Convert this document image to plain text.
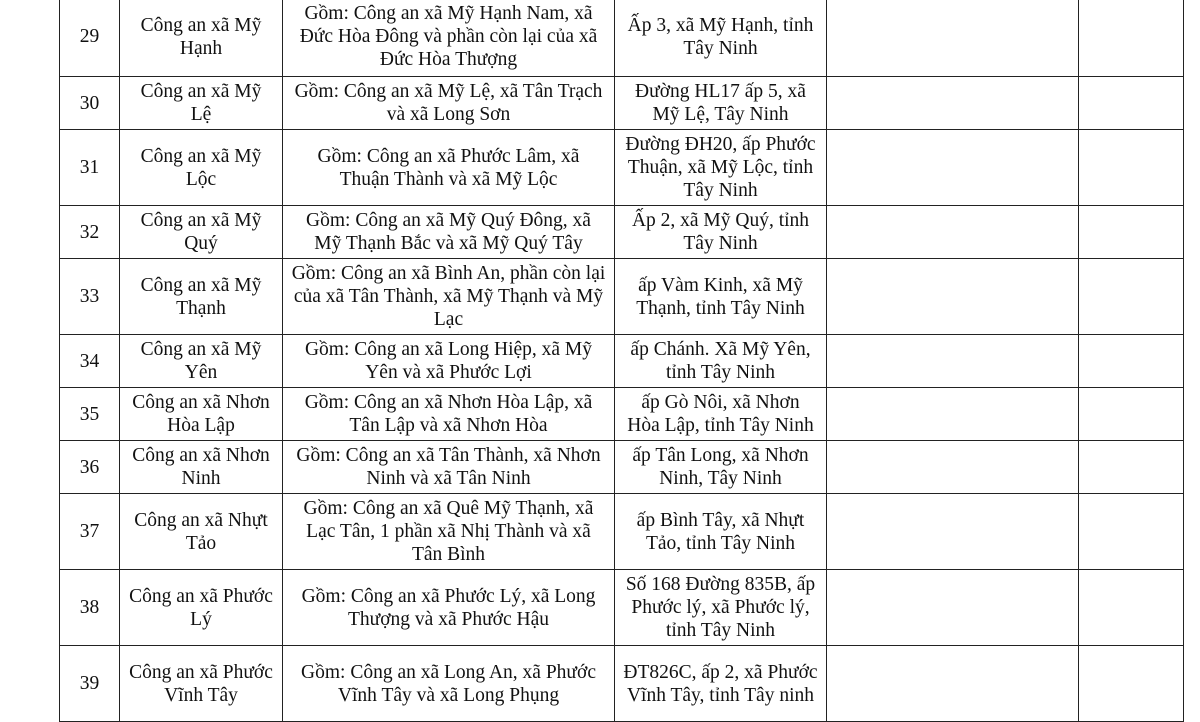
29	Công an xã Mỹ Hạnh	Gồm: Công an xã Mỹ Hạnh Nam, xã Đức Hòa Đông và phần còn lại của xã Đức Hòa Thượng	Ấp 3, xã Mỹ Hạnh, tỉnh Tây Ninh		
30	Công an xã Mỹ Lệ	Gồm: Công an xã Mỹ Lệ, xã Tân Trạch và xã Long Sơn	Đường HL17 ấp 5, xã Mỹ Lệ, Tây Ninh		
31	Công an xã Mỹ Lộc	Gồm: Công an xã Phước Lâm, xã Thuận Thành và xã Mỹ Lộc	Đường ĐH20, ấp Phước Thuận, xã Mỹ Lộc, tỉnh Tây Ninh		
32	Công an xã Mỹ Quý	Gồm: Công an xã Mỹ Quý Đông, xã Mỹ Thạnh Bắc và xã Mỹ Quý Tây	Ấp 2, xã Mỹ Quý, tỉnh Tây Ninh		
33	Công an xã Mỹ Thạnh	Gồm: Công an xã Bình An, phần còn lại của xã Tân Thành, xã Mỹ Thạnh và Mỹ Lạc	ấp Vàm Kinh, xã Mỹ Thạnh, tỉnh Tây Ninh		
34	Công an xã Mỹ Yên	Gồm: Công an xã Long Hiệp, xã Mỹ Yên và xã Phước Lợi	ấp Chánh. Xã Mỹ Yên, tỉnh Tây Ninh		
35	Công an xã Nhơn Hòa Lập	Gồm: Công an xã Nhơn Hòa Lập, xã Tân Lập và xã Nhơn Hòa	ấp Gò Nôi, xã Nhơn Hòa Lập, tỉnh Tây Ninh		
36	Công an xã Nhơn Ninh	Gồm: Công an xã Tân Thành, xã Nhơn Ninh và xã Tân Ninh	ấp Tân Long, xã Nhơn Ninh, Tây Ninh		
37	Công an xã Nhựt Tảo	Gồm: Công an xã Quê Mỹ Thạnh, xã Lạc Tân, 1 phần xã Nhị Thành và xã Tân Bình	ấp Bình Tây, xã Nhựt Tảo, tỉnh Tây Ninh		
38	Công an xã Phước Lý	Gồm: Công an xã Phước Lý, xã Long Thượng và xã Phước Hậu	Số 168 Đường 835B, ấp Phước lý, xã Phước lý, tỉnh Tây Ninh		
39	Công an xã Phước Vĩnh Tây	Gồm: Công an xã Long An, xã Phước Vĩnh Tây và xã Long Phụng	ĐT826C, ấp 2, xã Phước Vĩnh Tây, tỉnh Tây ninh		
